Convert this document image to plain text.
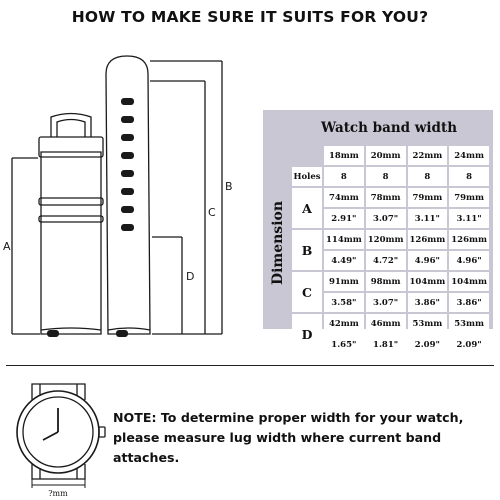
HOW TO MAKE SURE IT SUITS FOR YOU?
A
B
C
D
Watch band width
Dimension
	18mm	20mm	22mm	24mm
Holes	8	8	8	8
A	74mm	78mm	79mm	79mm
	2.91"	3.07"	3.11"	3.11"
B	114mm	120mm	126mm	126mm
	4.49"	4.72"	4.96"	4.96"
C	91mm	98mm	104mm	104mm
	3.58"	3.07"	3.86"	3.86"
D	42mm	46mm	53mm	53mm
	1.65"	1.81"	2.09"	2.09"
?mm
NOTE: To determine proper width for your watch,
please measure lug width where current band attaches.
